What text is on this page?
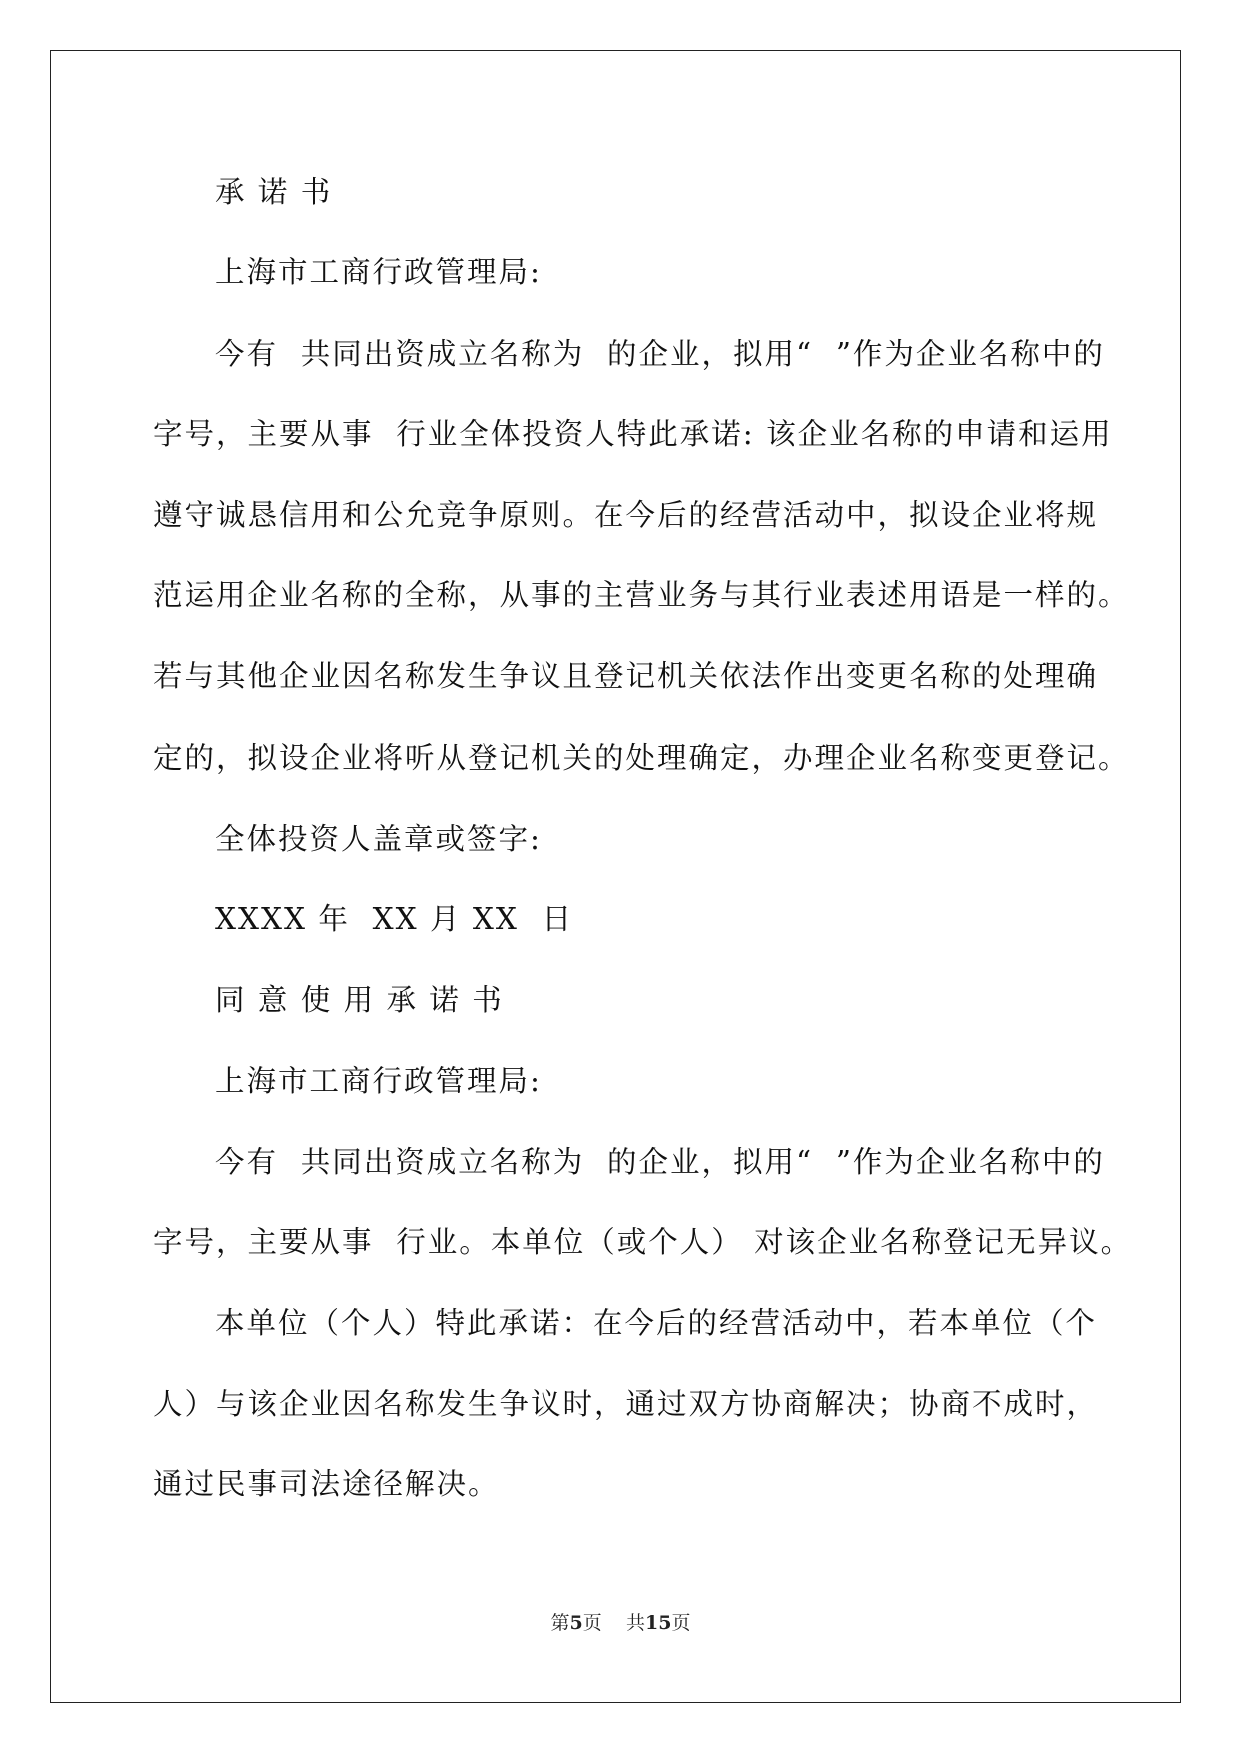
承 诺 书
上海市工商行政管理局:
今有  共同出资成立名称为  的企业，拟用“  ”作为企业名称中的
字号，主要从事  行业全体投资人特此承诺: 该企业名称的申请和运用
遵守诚恳信用和公允竞争原则。在今后的经营活动中，拟设企业将规
范运用企业名称的全称，从事的主营业务与其行业表述用语是一样的。
若与其他企业因名称发生争议且登记机关依法作出变更名称的处理确
定的，拟设企业将听从登记机关的处理确定，办理企业名称变更登记。
全体投资人盖章或签字:
XXXX 年  XX 月 XX  日
同 意 使 用 承 诺 书
上海市工商行政管理局:
今有  共同出资成立名称为  的企业，拟用“  ”作为企业名称中的
字号，主要从事  行业。本单位（或个人） 对该企业名称登记无异议。
本单位（个人）特此承诺：在今后的经营活动中，若本单位（个
人）与该企业因名称发生争议时，通过双方协商解决；协商不成时，
通过民事司法途径解决。
第5页 共15页
